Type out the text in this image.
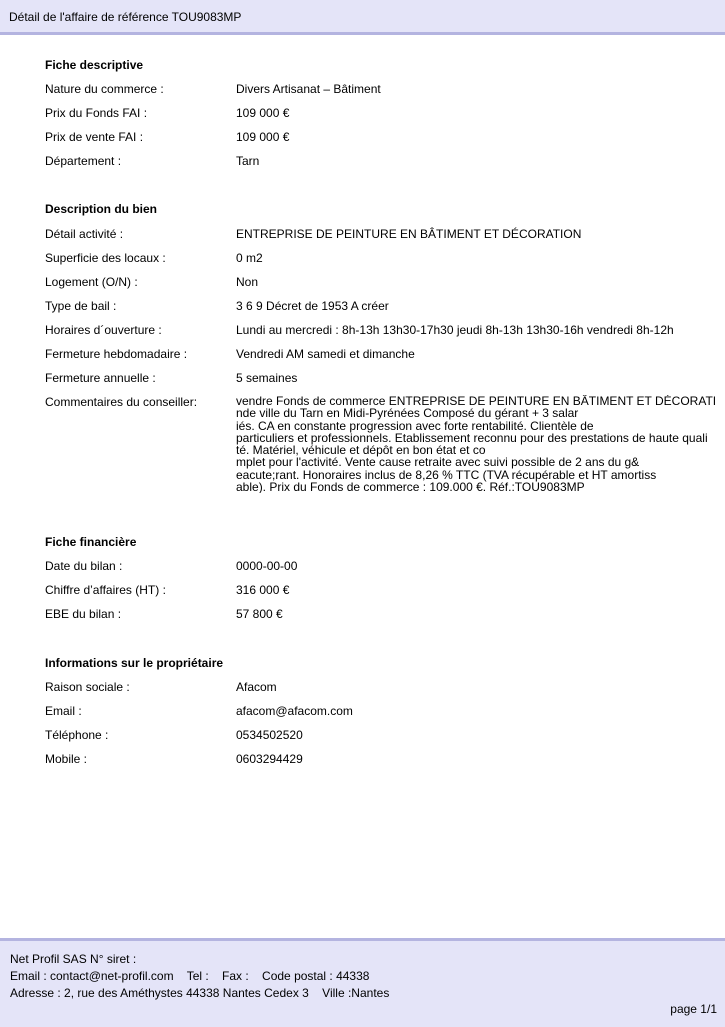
Détail de l'affaire de référence TOU9083MP
Fiche descriptive
Nature du commerce :	Divers Artisanat – Bâtiment
Prix du Fonds FAI :	109 000 €
Prix de vente FAI :	109 000 €
Département :	Tarn
Description du bien
Détail activité :	ENTREPRISE DE PEINTURE EN BÂTIMENT ET DÉCORATION
Superficie des locaux :	0 m2
Logement (O/N) :	Non
Type de bail :	3 6 9 Décret de 1953 A créer
Horaires d´ouverture :	Lundi au mercredi : 8h-13h 13h30-17h30 jeudi 8h-13h 13h30-16h vendredi 8h-12h
Fermeture hebdomadaire :	Vendredi AM samedi et dimanche
Fermeture annuelle :	5 semaines
Commentaires du conseiller:	vendre Fonds de commerce ENTREPRISE DE PEINTURE EN BÂTIMENT ET DÉCORATI
nde ville du Tarn en Midi-Pyrénées Composé du gérant + 3 salar
iés. CA en constante progression avec forte rentabilité. Clientèle de
particuliers et professionnels. Etablissement reconnu pour des prestations de haute quali
té. Matériel, véhicule et dépôt en bon état et co
mplet pour l'activité. Vente cause retraite avec suivi possible de 2 ans du g&
eacute;rant. Honoraires inclus de 8,26 % TTC (TVA récupérable et HT amortiss
able). Prix du Fonds de commerce : 109.000 €. Réf.:TOU9083MP
Fiche financière
Date du bilan :	0000-00-00
Chiffre d’affaires (HT) :	316 000 €
EBE du bilan :	57 800 €
Informations sur le propriétaire
Raison sociale :	Afacom
Email :	afacom@afacom.com
Téléphone :	0534502520
Mobile :	0603294429
Net Profil SAS N° siret :
Email : contact@net-profil.com    Tel :    Fax :    Code postal : 44338
Adresse : 2, rue des Améthystes 44338 Nantes Cedex 3    Ville :Nantes
page 1/1
